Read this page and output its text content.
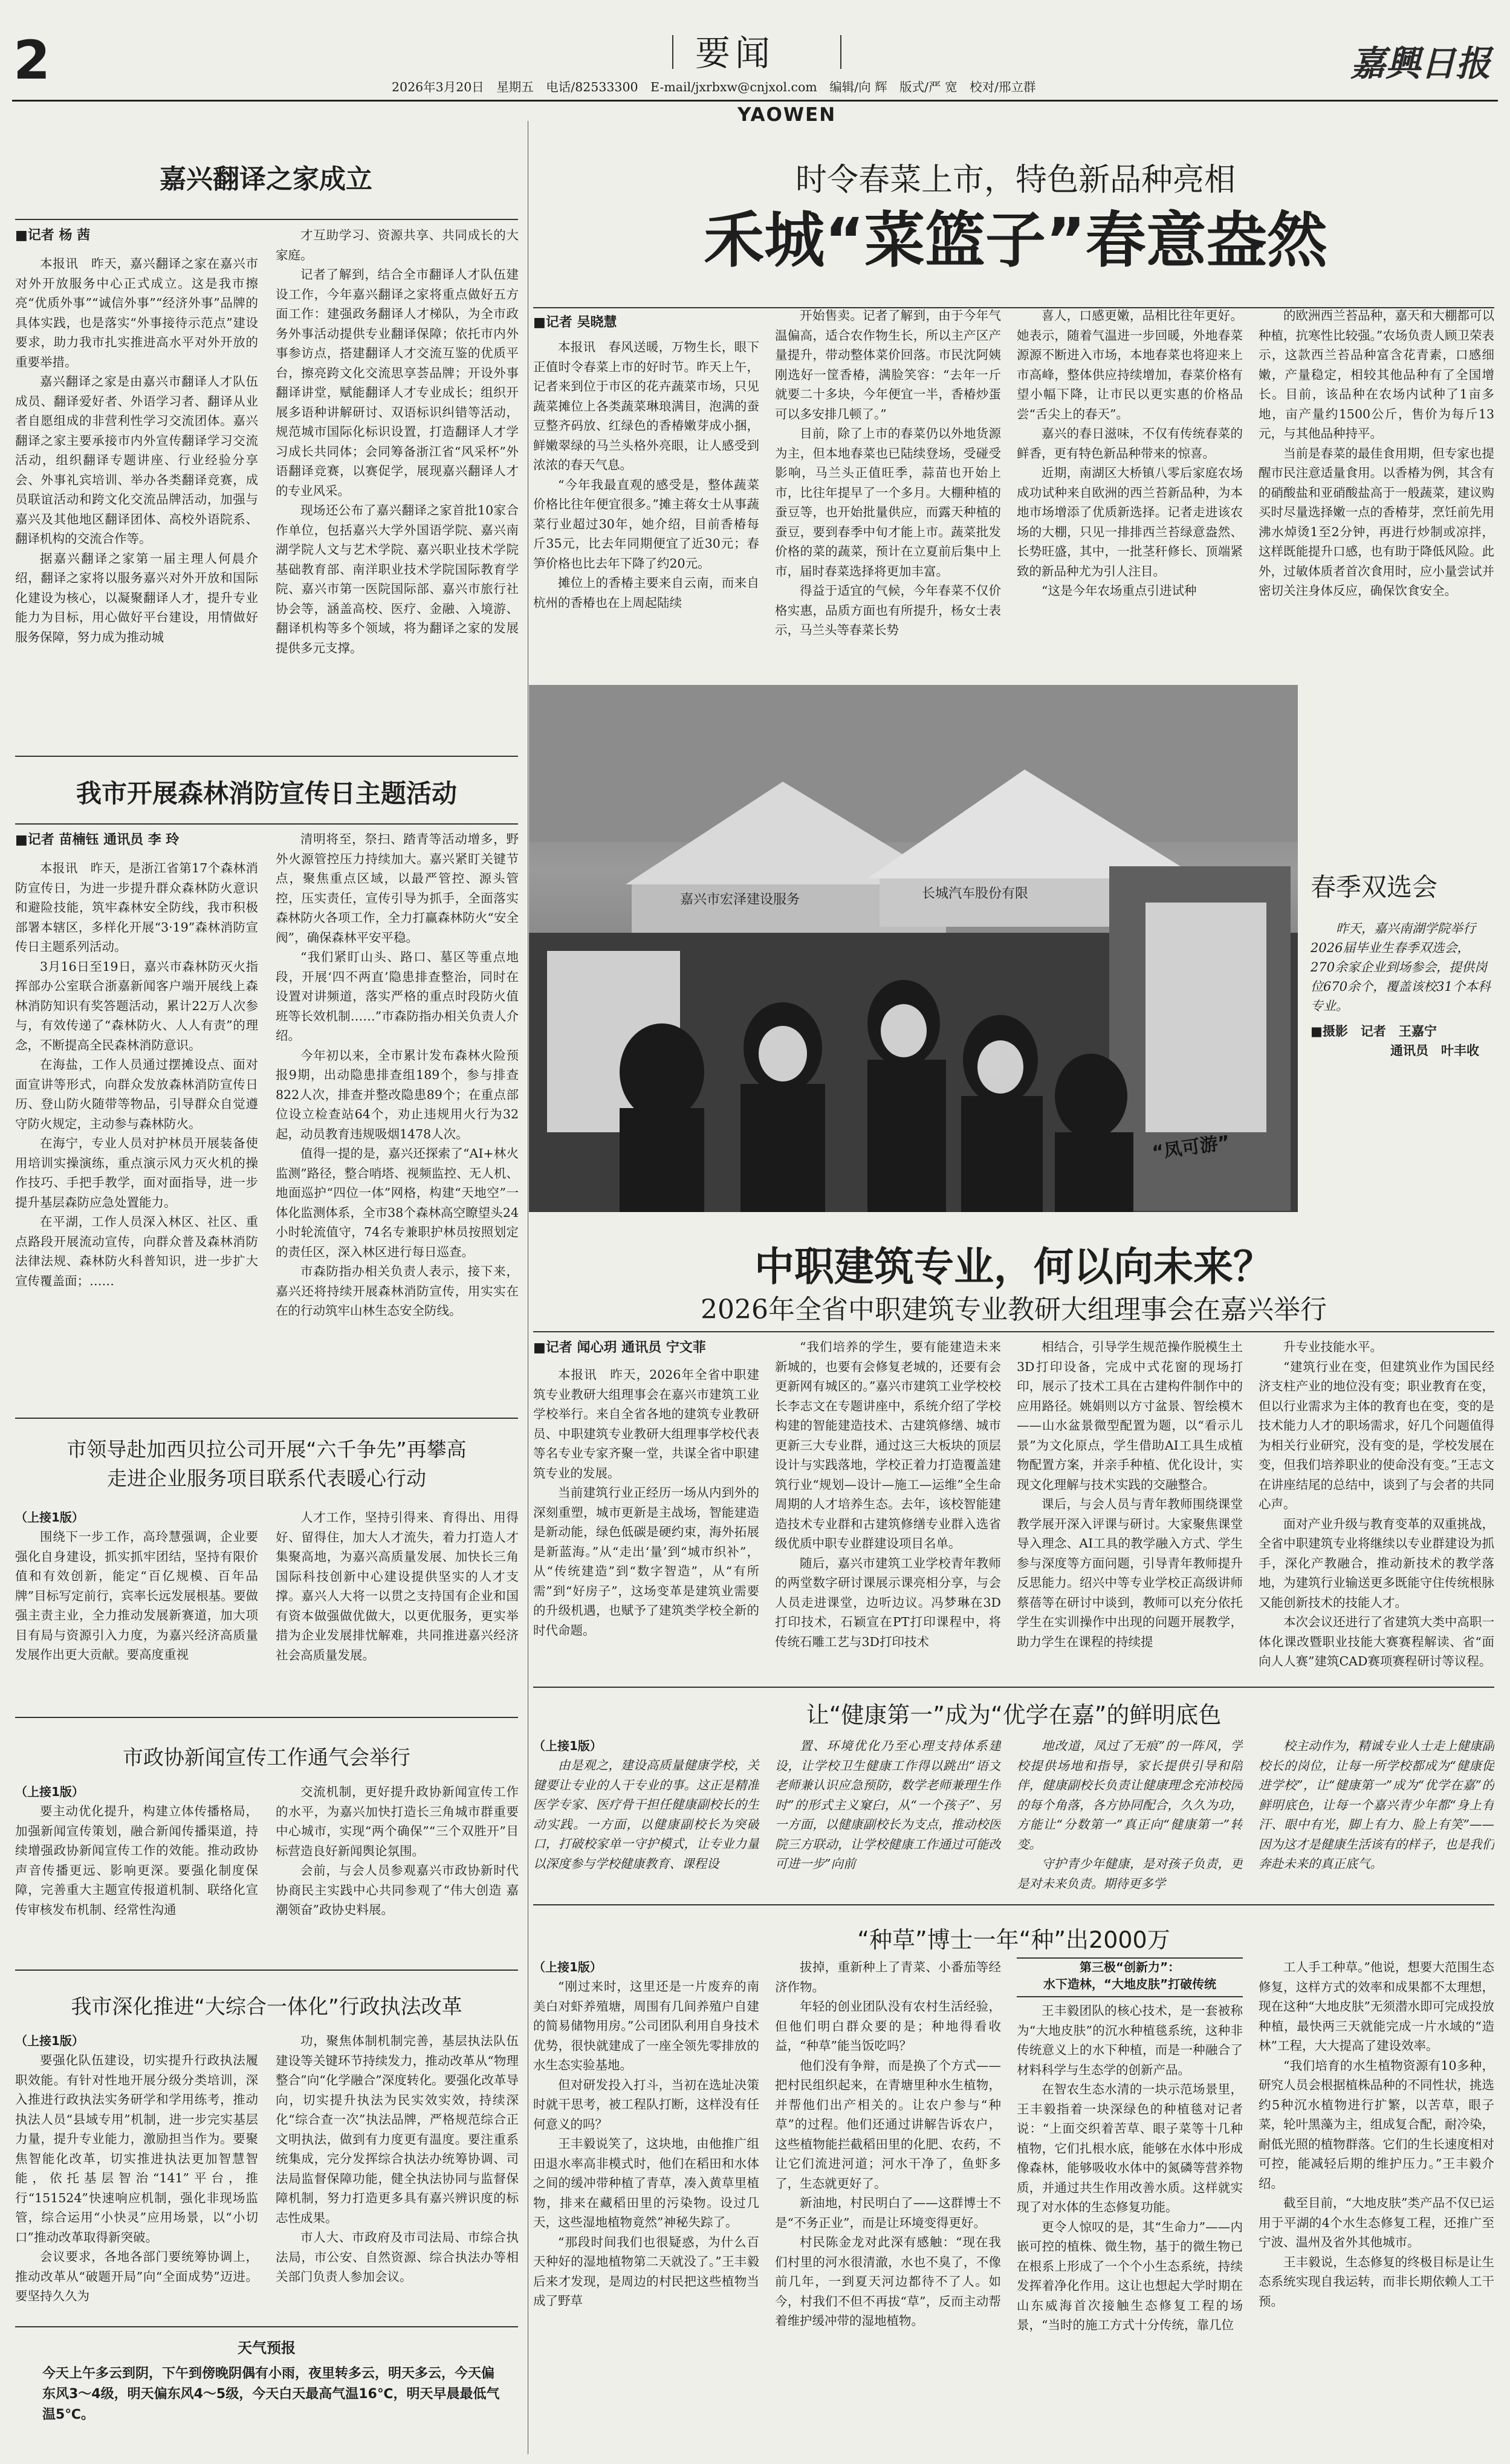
2	要闻
2026年3月20日　星期五　电话/82533300　E-mail/jxrbxw@cnjxol.com　编辑/向 辉　版式/严 宽　校对/邢立群
嘉興日报
YAOWEN
嘉兴翻译之家成立
■记者 杨 茜

本报讯　昨天，嘉兴翻译之家在嘉兴市对外开放服务中心正式成立。这是我市擦亮“优质外事”“诚信外事”“经济外事”品牌的具体实践，也是落实“外事接待示范点”建设要求，助力我市扎实推进高水平对外开放的重要举措。

嘉兴翻译之家是由嘉兴市翻译人才队伍成员、翻译爱好者、外语学习者、翻译从业者自愿组成的非营利性学习交流团体。嘉兴翻译之家主要承接市内外宣传翻译学习交流活动，组织翻译专题讲座、行业经验分享会、外事礼宾培训、举办各类翻译竞赛，成员联谊活动和跨文化交流品牌活动，加强与嘉兴及其他地区翻译团体、高校外语院系、翻译机构的交流合作等。

据嘉兴翻译之家第一届主理人何晨介绍，翻译之家将以服务嘉兴对外开放和国际化建设为核心，以凝聚翻译人才，提升专业能力为目标，用心做好平台建设，用情做好服务保障，努力成为推动城

才互助学习、资源共享、共同成长的大家庭。

记者了解到，结合全市翻译人才队伍建设工作，今年嘉兴翻译之家将重点做好五方面工作：建强政务翻译人才梯队，为全市政务外事活动提供专业翻译保障；依托市内外事参访点，搭建翻译人才交流互鉴的优质平台，擦亮跨文化交流思享荟品牌；开设外事翻译讲堂，赋能翻译人才专业成长；组织开展多语种讲解研讨、双语标识纠错等活动，规范城市国际化标识设置，打造翻译人才学习成长共同体；会同筹备浙江省“风采杯”外语翻译竞赛，以赛促学，展现嘉兴翻译人才的专业风采。

现场还公布了嘉兴翻译之家首批10家合作单位，包括嘉兴大学外国语学院、嘉兴南湖学院人文与艺术学院、嘉兴职业技术学院基础教育部、南洋职业技术学院国际教育学院、嘉兴市第一医院国际部、嘉兴市旅行社协会等，涵盖高校、医疗、金融、入境游、翻译机构等多个领域，将为翻译之家的发展提供多元支撑。

我市开展森林消防宣传日主题活动
■记者 苗楠钰 通讯员 李 玲

本报讯　昨天，是浙江省第17个森林消防宣传日，为进一步提升群众森林防火意识和避险技能，筑牢森林安全防线，我市积极部署本辖区，多样化开展“3·19”森林消防宣传日主题系列活动。

3月16日至19日，嘉兴市森林防灭火指挥部办公室联合浙嘉新闻客户端开展线上森林消防知识有奖答题活动，累计22万人次参与，有效传递了“森林防火、人人有责”的理念，不断提高全民森林消防意识。

在海盐，工作人员通过摆摊设点、面对面宣讲等形式，向群众发放森林消防宣传日历、登山防火随带等物品，引导群众自觉遵守防火规定，主动参与森林防火。

在海宁，专业人员对护林员开展装备使用培训实操演练，重点演示风力灭火机的操作技巧、手把手教学，面对面指导，进一步提升基层森防应急处置能力。

在平湖，工作人员深入林区、社区、重点路段开展流动宣传，向群众普及森林消防法律法规、森林防火科普知识，进一步扩大宣传覆盖面；……

清明将至，祭扫、踏青等活动增多，野外火源管控压力持续加大。嘉兴紧盯关键节点，聚焦重点区域，以最严管控、源头管控，压实责任，宣传引导为抓手，全面落实森林防火各项工作，全力打赢森林防火“安全阀”，确保森林平安平稳。

“我们紧盯山头、路口、墓区等重点地段，开展‘四不两直’隐患排查整治，同时在设置对讲频道，落实严格的重点时段防火值班等长效机制……”市森防指办相关负责人介绍。

今年初以来，全市累计发布森林火险预报9期，出动隐患排查组189个，参与排查822人次，排查并整改隐患89个；在重点部位设立检查站64个，劝止违规用火行为32起，动员教育违规吸烟1478人次。

值得一提的是，嘉兴还探索了“AI+林火监测”路径，整合哨塔、视频监控、无人机、地面巡护“四位一体”网格，构建“天地空”一体化监测体系，全市38个森林高空瞭望头24小时轮流值守，74名专兼职护林员按照划定的责任区，深入林区进行每日巡查。

市森防指办相关负责人表示，接下来，嘉兴还将持续开展森林消防宣传，用实实在在的行动筑牢山林生态安全防线。

市领导赴加西贝拉公司开展“六千争先”再攀高
走进企业服务项目联系代表暖心行动
（上接1版）

围绕下一步工作，高玲慧强调，企业要强化自身建设，抓实抓牢团结，坚持有限价值和有效创新，能定“百亿规模、百年品牌”目标写定前行，宾率长远发展根基。要做强主责主业，全力推动发展新赛道，加大项目有局与资源引入力度，为嘉兴经济高质量发展作出更大贡献。要高度重视

人才工作，坚持引得来、育得出、用得好、留得住，加大人才流失，着力打造人才集聚高地，为嘉兴高质量发展、加快长三角国际科技创新中心建设提供坚实的人才支撑。嘉兴人大将一以贯之支持国有企业和国有资本做强做优做大，以更优服务，更实举措为企业发展排忧解难，共同推进嘉兴经济社会高质量发展。

市政协新闻宣传工作通气会举行
（上接1版）

要主动优化提升，构建立体传播格局，加强新闻宣传策划，融合新闻传播渠道，持续增强政协新闻宣传工作的效能。推动政协声音传播更远、影响更深。要强化制度保障，完善重大主题宣传报道机制、联络化宣传审核发布机制、经常性沟通

交流机制，更好提升政协新闻宣传工作的水平，为嘉兴加快打造长三角城市群重要中心城市，实现“两个确保”“三个双胜开”目标营造良好新闻舆论氛围。

会前，与会人员参观嘉兴市政协新时代协商民主实践中心共同参观了“伟大创造 嘉潮领奋”政协史料展。

我市深化推进“大综合一体化”行政执法改革
（上接1版）

要强化队伍建设，切实提升行政执法履职效能。有针对性地开展分级分类培训，深入推进行政执法实务研学和学用练考，推动执法人员“县域专用”机制，进一步完实基层力量，提升专业能力，激励担当作为。要聚焦智能化改革，切实推进执法更加智慧智能，依托基层智治“141”平台，推行“151524”快速响应机制，强化非现场监管，综合运用“小快灵”应用场景，以“小切口”推动改革取得新突破。

会议要求，各地各部门要统筹协调上，推动改革从“破题开局”向“全面成势”迈进。要坚持久久为

功，聚焦体制机制完善，基层执法队伍建设等关键环节持续发力，推动改革从“物理整合”向“化学融合”深度转化。要强化改革导向，切实提升执法为民实效实效，持续深化“综合查一次”执法品牌，严格规范综合正文明执法，做到有力度更有温度。要注重系统集成，完分发挥综合执法办统筹协调、司法局监督保障功能，健全执法协同与监督保障机制，努力打造更多具有嘉兴辨识度的标志性成果。

市人大、市政府及市司法局、市综合执法局，市公安、自然资源、综合执法办等相关部门负责人参加会议。

天气预报
今天上午多云到阴，下午到傍晚阴偶有小雨，夜里转多云，明天多云，今天偏东风3～4级，明天偏东风4～5级，今天白天最高气温16℃，明天早晨最低气温5℃。
时令春菜上市，特色新品种亮相
禾城“菜篮子”春意盎然
■记者 吴晓慧

本报讯　春风送暖，万物生长，眼下正值时令春菜上市的好时节。昨天上午，记者来到位于市区的花卉蔬菜市场，只见蔬菜摊位上各类蔬菜琳琅满目，泡满的蚕豆整齐码放、红绿色的香椿嫩芽成小捆，鲜嫩翠绿的马兰头格外亮眼，让人感受到浓浓的春天气息。

“今年我最直观的感受是，整体蔬菜价格比往年便宜很多。”摊主蒋女士从事蔬菜行业超过30年，她介绍，目前香椿每斤35元，比去年同期便宜了近30元；春笋价格也比去年下降了约20元。

摊位上的香椿主要来自云南，而来自杭州的香椿也在上周起陆续

开始售卖。记者了解到，由于今年气温偏高，适合农作物生长，所以主产区产量提升，带动整体菜价回落。市民沈阿姨刚选好一筐香椿，满脸笑容：“去年一斤就要二十多块，今年便宜一半，香椿炒蛋可以多安排几顿了。”

目前，除了上市的春菜仍以外地货源为主，但本地春菜也已陆续登场，受碰受影响，马兰头正值旺季，蒜苗也开始上市，比往年提早了一个多月。大棚种植的蚕豆等，也开始批量供应，而露天种植的蚕豆，要到春季中旬才能上市。蔬菜批发价格的菜的蔬菜，预计在立夏前后集中上市，届时春菜选择将更加丰富。

得益于适宜的气候，今年春菜不仅价格实惠，品质方面也有所提升，杨女士表示，马兰头等春菜长势

喜人，口感更嫩，品相比往年更好。她表示，随着气温进一步回暖，外地春菜源源不断进入市场，本地春菜也将迎来上市高峰，整体供应持续增加，春菜价格有望小幅下降，让市民以更实惠的价格品尝“舌尖上的春天”。

嘉兴的春日滋味，不仅有传统春菜的鲜香，更有特色新品种带来的惊喜。

近期，南湖区大桥镇八零后家庭农场成功试种来自欧洲的西兰苔新品种，为本地市场增添了优质新选择。记者走进该农场的大棚，只见一排排西兰苔绿意盎然、长势旺盛，其中，一批茎秆修长、顶端紧致的新品种尤为引人注目。

“这是今年农场重点引进试种

的欧洲西兰苔品种，嘉天和大棚都可以种植，抗寒性比较强。”农场负责人顾卫荣表示，这款西兰苔品种富含花青素，口感细嫩，产量稳定，相较其他品种有了全国增长。目前，该品种在农场内试种了1亩多地，亩产量约1500公斤，售价为每斤13元，与其他品种持平。

当前是春菜的最佳食用期，但专家也提醒市民注意适量食用。以香椿为例，其含有的硝酸盐和亚硝酸盐高于一般蔬菜，建议购买时尽量选择嫩一点的香椿芽，烹饪前先用沸水焯烫1至2分钟，再进行炒制或凉拌，这样既能提升口感，也有助于降低风险。此外，过敏体质者首次食用时，应小量尝试并密切关注身体反应，确保饮食安全。

嘉兴市宏泽建设服务	长城汽车股份有限
“凤可游”
春季双选会
昨天，嘉兴南湖学院举行2026届毕业生春季双选会，270余家企业到场参会，提供岗位670余个，覆盖该校31个本科专业。
■摄影　记者　王嘉宁
通讯员　叶丰收
中职建筑专业，何以向未来？
2026年全省中职建筑专业教研大组理事会在嘉兴举行
■记者 闻心玥 通讯员 宁文菲

本报讯　昨天，2026年全省中职建筑专业教研大组理事会在嘉兴市建筑工业学校举行。来自全省各地的建筑专业教研员、中职建筑专业教研大组理事学校代表等名专业专家齐聚一堂，共谋全省中职建筑专业的发展。

当前建筑行业正经历一场从内到外的深刻重塑，城市更新是主战场，智能建造是新动能，绿色低碳是硬约束，海外拓展是新蓝海。”从“走出‘量’到“城市织补”，从“传统建造”到“数字智造”，从“有所需”到“好房子”，这场变革是建筑业需要的升级机遇，也赋予了建筑类学校全新的时代命题。

“我们培养的学生，要有能建造未来新城的，也要有会修复老城的，还要有会更新网有城区的。”嘉兴市建筑工业学校校长李志文在专题讲座中，系统介绍了学校构建的智能建造技术、古建筑修缮、城市更新三大专业群，通过这三大板块的顶层设计与实践落地，学校正着力打造覆盖建筑行业“规划—设计—施工—运维”全生命周期的人才培养生态。去年，该校智能建造技术专业群和古建筑修缮专业群入选省级优质中职专业群建设项目名单。

随后，嘉兴市建筑工业学校青年教师的两堂数字研讨课展示课亮相分享，与会人员走进课堂，边听边议。冯梦琳在3D打印技术，石颖宣在PT打印课程中，将传统石雕工艺与3D打印技术

相结合，引导学生规范操作脱模生土3D打印设备，完成中式花窗的现场打印，展示了技术工具在古建构件制作中的应用路径。姚娟则以方寸盆景、智绘模木——山水盆景微型配置为题，以“看示儿景”为文化原点，学生借助AI工具生成植物配置方案，并亲手种植、优化设计，实现文化理解与技术实践的交融整合。

课后，与会人员与青年教师围绕课堂教学展开深入评课与研讨。大家聚焦课堂导入理念、AI工具的教学融入方式、学生参与深度等方面问题，引导青年教师提升反思能力。绍兴中等专业学校正高级讲师蔡蓓等在研讨中谈到，教师可以充分依托学生在实训操作中出现的问题开展教学，助力学生在课程的持续提

升专业技能水平。

“建筑行业在变，但建筑业作为国民经济支柱产业的地位没有变；职业教育在变，但以行业需求为主体的教育也在变，变的是技术能力人才的职场需求，好几个问题值得为相关行业研究，没有变的是，学校发展在变，但我们培养职业的使命没有变。”王志文在讲座结尾的总结中，谈到了与会者的共同心声。

面对产业升级与教育变革的双重挑战，全省中职建筑专业将继续以专业群建设为抓手，深化产教融合，推动新技术的教学落地，为建筑行业输送更多既能守住传统根脉又能创新技术的技能人才。

本次会议还进行了省建筑大类中高职一体化课改暨职业技能大赛赛程解读、省“面向人人赛”建筑CAD赛项赛程研讨等议程。

让“健康第一”成为“优学在嘉”的鲜明底色
（上接1版）

由是观之，建设高质量健康学校，关键要让专业的人干专业的事。这正是精准医学专家、医疗骨干担任健康副校长的生动实践。一方面，以健康副校长为突破口，打破校家单一守护模式，让专业力量以深度参与学校健康教育、课程设

置、环境优化乃至心理支持体系建设，让学校卫生健康工作得以跳出“语文老师兼认识应急预防，数学老师兼理生作时”的形式主义窠臼，从“一个孩子”、另一方面，以健康副校长为支点，推动校医院三方联动，让学校健康工作通过可能改可进一步”向前

地改道，凤过了无痕”的一阵风，学校提供场地和指导，家长提供引导和陪伴，健康副校长负责让健康理念充沛校园的每个角落，各方协同配合，久久为功，方能让“分数第一”真正向“健康第一”转变。

守护青少年健康，是对孩子负责，更是对未来负责。期待更多学

校主动作为，精诚专业人士走上健康副校长的岗位，让每一所学校都成为“健康促进学校”，让“健康第一”成为“优学在嘉”的鲜明底色，让每一个嘉兴青少年都“身上有汗、眼中有光，脚上有力、脸上有笑”——因为这才是健康生活该有的样子，也是我们奔赴未来的真正底气。

“种草”博士一年“种”出2000万
（上接1版）

“刚过来时，这里还是一片废弃的南美白对虾养殖塘，周围有几间养殖户自建的简易储物用房。”公司团队利用自身技术优势，很快就建成了一座全领先零排放的水生态实验基地。

但对研发投入打斗，当初在选址决策时就干思考，被工程队打断，这样没有任何意义的吗？

王丰毅说笑了，这块地，由他推广组田退水率高非模式时，他们在稻田和水体之间的缓冲带种植了青草，凑入黄草里植物，排来在藏稻田里的污染物。设过几天，这些湿地植物竟然”神秘失踪了。

“那段时间我们也很疑惑，为什么百天种好的湿地植物第二天就没了。”王丰毅后来才发现，是周边的村民把这些植物当成了野草

拔掉，重新种上了青菜、小番茄等经济作物。

年轻的创业团队没有农村生活经验，但他们明白群众要的是；种地得看收益，“种草”能当饭吃吗？

他们没有争辩，而是换了个方式——把村民组织起来，在青塘里种水生植物，并帮他们出产相关的。让农户参与“种草”的过程。他们还通过讲解告诉农户，这些植物能拦截稻田里的化肥、农药，不让它们流进河道；河水干净了，鱼虾多了，生态就更好了。

新油地，村民明白了——这群博士不是“不务正业”，而是让环境变得更好。

村民陈金龙对此深有感触：“现在我们村里的河水很清澈，水也不臭了，不像前几年，一到夏天河边都待不了人。如今，村我们不但不再拔“草”，反而主动帮着维护缓冲带的湿地植物。

第三极“创新力”：
水下造林，“大地皮肤”打破传统

王丰毅团队的核心技术，是一套被称为“大地皮肤”的沉水种植毯系统，这种非传统意义上的水下种植，而是一种融合了材料科学与生态学的创新产品。

在智农生态水清的一块示范场景里，王丰毅指着一块深绿色的种植毯对记者说：“上面交织着苦草、眼子菜等十几种植物，它们扎根水底，能够在水体中形成像森林，能够吸收水体中的氮磷等营养物质，并通过共生作用改善水质。这样就实现了对水体的生态修复功能。

更令人惊叹的是，其“生命力”——内嵌可控的植株、微生物，基于的微生物已在根系上形成了一个个小生态系统，持续发挥着净化作用。这让也想起大学时期在山东威海首次接触生态修复工程的场景，“当时的施工方式十分传统，靠几位

工人手工种草。”他说，想要大范围生态修复，这样方式的效率和成果都不太理想，现在这种“大地皮肤”无须潜水即可完成投放种植，最快两三天就能完成一片水域的“造林”工程，大大提高了建设效率。

“我们培育的水生植物资源有10多种，研究人员会根据植株品种的不同性状，挑选约5种沉水植物进行扩繁，以苦草，眼子菜，轮叶黑藻为主，组成复合配，耐冷染，耐低光照的植物群落。它们的生长速度相对可控，能减轻后期的维护压力。”王丰毅介绍。

截至目前，“大地皮肤”类产品不仅已运用于平湖的4个水生态修复工程，还推广至宁波、温州及省外其他城市。

王丰毅说，生态修复的终极目标是让生态系统实现自我运转，而非长期依赖人工干预。
